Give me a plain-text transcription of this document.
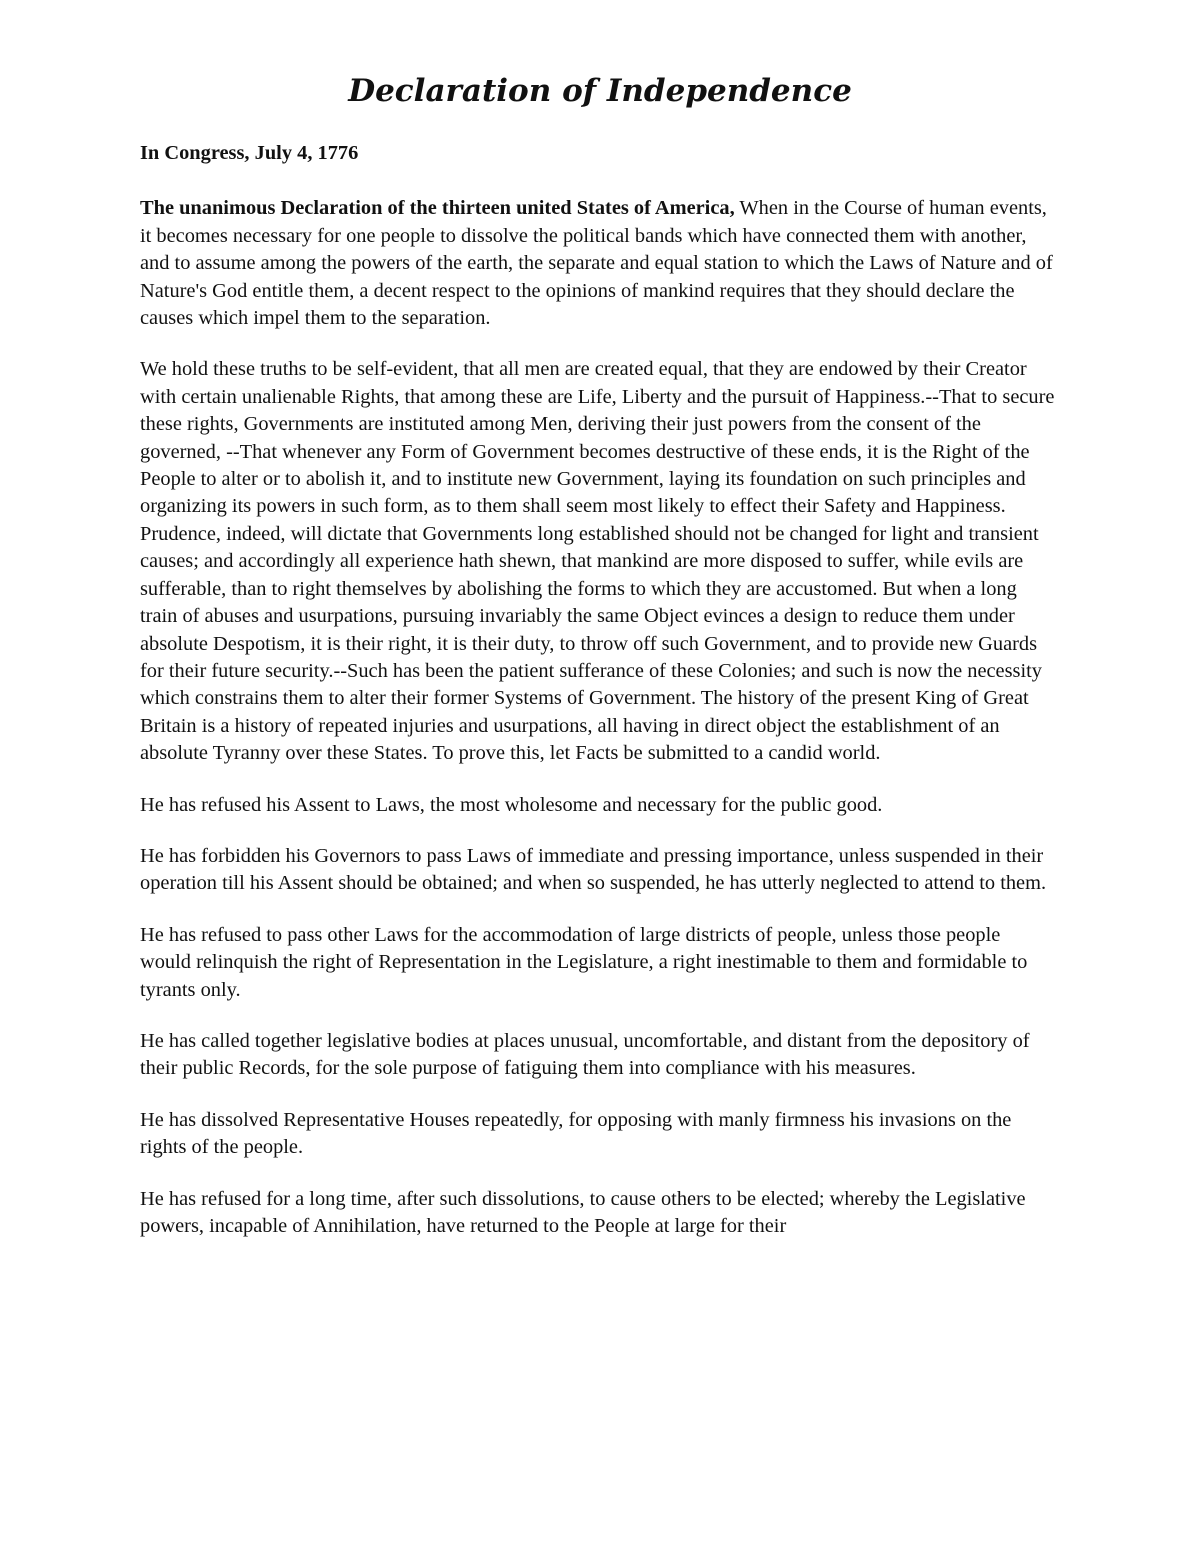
Declaration of Independence

In Congress, July 4, 1776

The unanimous Declaration of the thirteen united States of America, When in the Course of human events, it becomes necessary for one people to dissolve the political bands which have connected them with another, and to assume among the powers of the earth, the separate and equal station to which the Laws of Nature and of Nature's God entitle them, a decent respect to the opinions of mankind requires that they should declare the causes which impel them to the separation.

We hold these truths to be self-evident, that all men are created equal, that they are endowed by their Creator with certain unalienable Rights, that among these are Life, Liberty and the pursuit of Happiness.--That to secure these rights, Governments are instituted among Men, deriving their just powers from the consent of the governed, --That whenever any Form of Government becomes destructive of these ends, it is the Right of the People to alter or to abolish it, and to institute new Government, laying its foundation on such principles and organizing its powers in such form, as to them shall seem most likely to effect their Safety and Happiness. Prudence, indeed, will dictate that Governments long established should not be changed for light and transient causes; and accordingly all experience hath shewn, that mankind are more disposed to suffer, while evils are sufferable, than to right themselves by abolishing the forms to which they are accustomed. But when a long train of abuses and usurpations, pursuing invariably the same Object evinces a design to reduce them under absolute Despotism, it is their right, it is their duty, to throw off such Government, and to provide new Guards for their future security.--Such has been the patient sufferance of these Colonies; and such is now the necessity which constrains them to alter their former Systems of Government. The history of the present King of Great Britain is a history of repeated injuries and usurpations, all having in direct object the establishment of an absolute Tyranny over these States. To prove this, let Facts be submitted to a candid world.

He has refused his Assent to Laws, the most wholesome and necessary for the public good.

He has forbidden his Governors to pass Laws of immediate and pressing importance, unless suspended in their operation till his Assent should be obtained; and when so suspended, he has utterly neglected to attend to them.

He has refused to pass other Laws for the accommodation of large districts of people, unless those people would relinquish the right of Representation in the Legislature, a right inestimable to them and formidable to tyrants only.

He has called together legislative bodies at places unusual, uncomfortable, and distant from the depository of their public Records, for the sole purpose of fatiguing them into compliance with his measures.

He has dissolved Representative Houses repeatedly, for opposing with manly firmness his invasions on the rights of the people.

He has refused for a long time, after such dissolutions, to cause others to be elected; whereby the Legislative powers, incapable of Annihilation, have returned to the People at large for their
